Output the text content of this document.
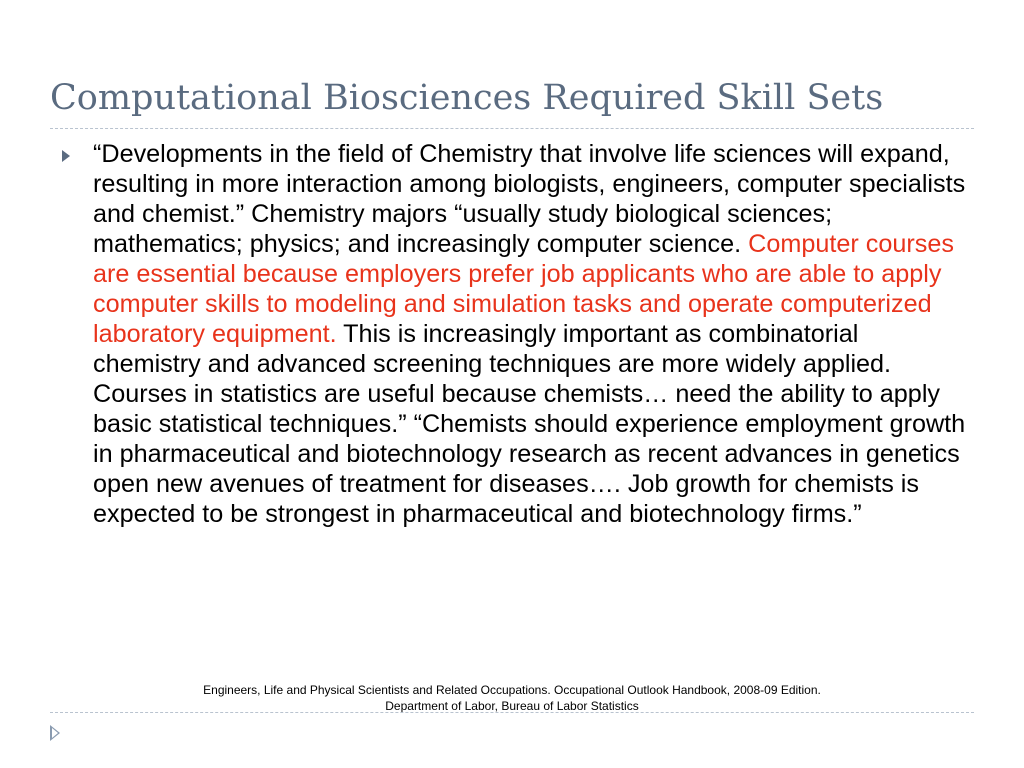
Computational Biosciences Required Skill Sets
“Developments in the field of Chemistry that involve life sciences will expand, resulting in more interaction among biologists, engineers, computer specialists and chemist.” Chemistry majors “usually study biological sciences; mathematics; physics; and increasingly computer science. Computer courses are essential because employers prefer job applicants who are able to apply computer skills to modeling and simulation tasks and operate computerized laboratory equipment. This is increasingly important as combinatorial chemistry and advanced screening techniques are more widely applied. Courses in statistics are useful because chemists… need the ability to apply basic statistical techniques.” “Chemists should experience employment growth in pharmaceutical and biotechnology research as recent advances in genetics open new avenues of treatment for diseases…. Job growth for chemists is expected to be strongest in pharmaceutical and biotechnology firms.”
Engineers, Life and Physical Scientists and Related Occupations. Occupational Outlook Handbook, 2008-09 Edition.
Department of Labor, Bureau of Labor Statistics
